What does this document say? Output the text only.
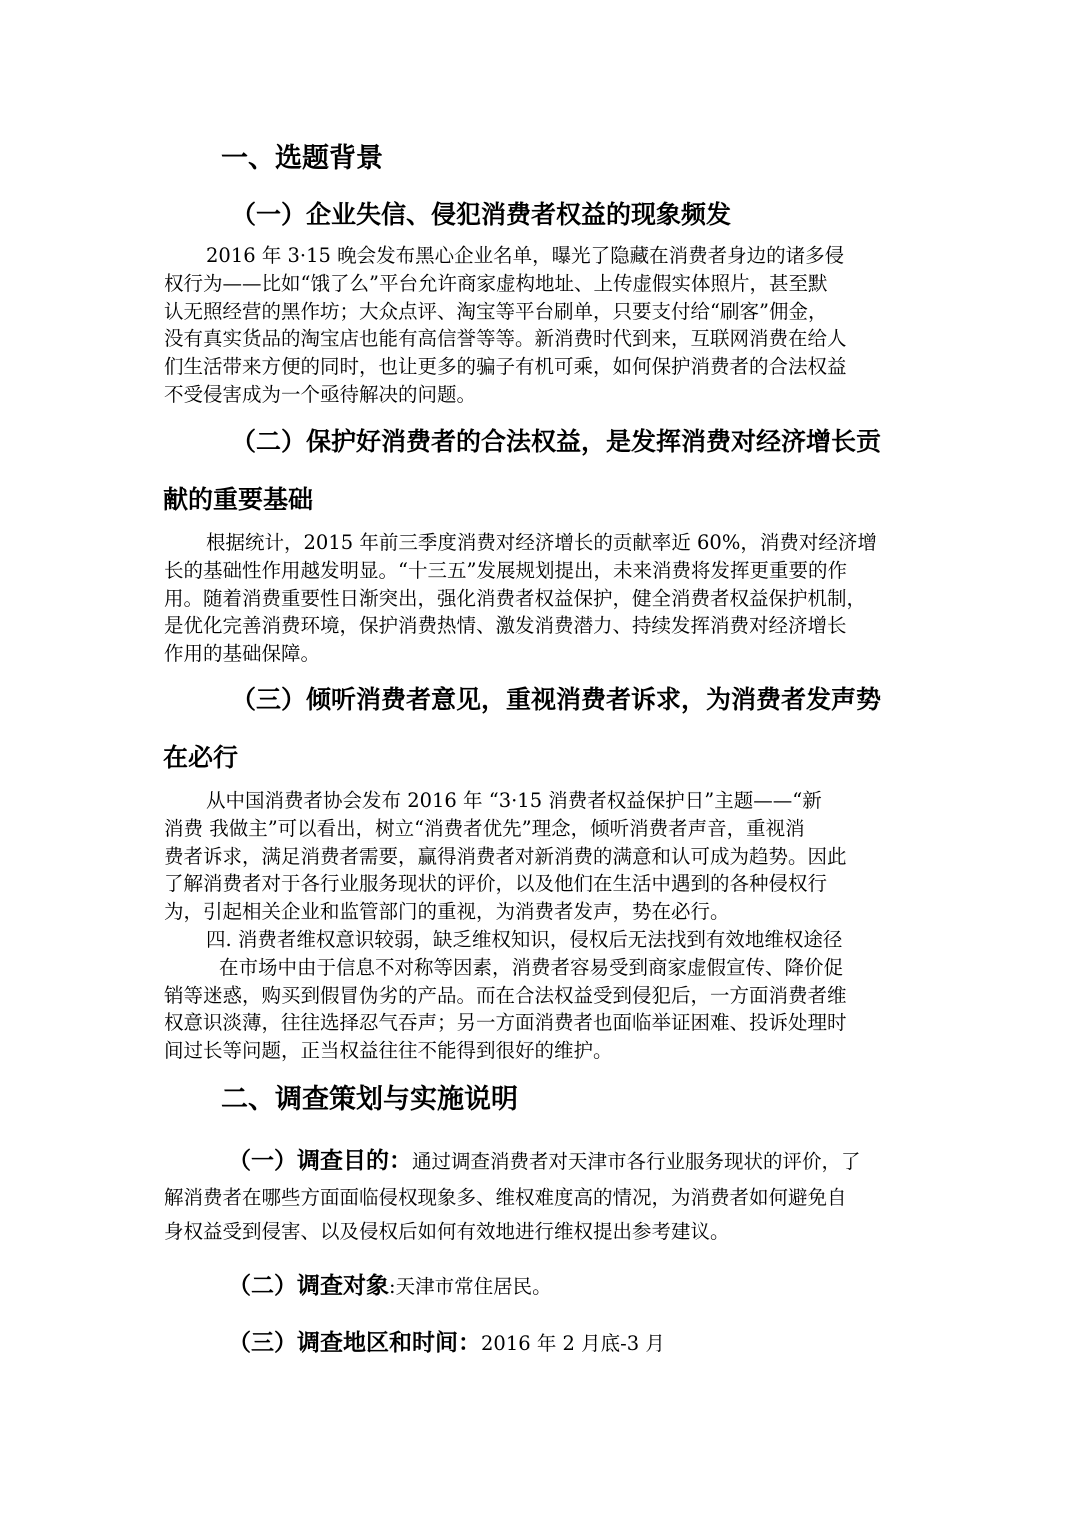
一、选题背景
（一）企业失信、侵犯消费者权益的现象频发
2016 年 3·15 晚会发布黑心企业名单，曝光了隐藏在消费者身边的诸多侵
权行为——比如“饿了么”平台允许商家虚构地址、上传虚假实体照片，甚至默
认无照经营的黑作坊；大众点评、淘宝等平台刷单，只要支付给“刷客”佣金，
没有真实货品的淘宝店也能有高信誉等等。新消费时代到来，互联网消费在给人
们生活带来方便的同时，也让更多的骗子有机可乘，如何保护消费者的合法权益
不受侵害成为一个亟待解决的问题。
（二）保护好消费者的合法权益，是发挥消费对经济增长贡
献的重要基础
根据统计，2015 年前三季度消费对经济增长的贡献率近 60%，消费对经济增
长的基础性作用越发明显。“十三五”发展规划提出，未来消费将发挥更重要的作
用。随着消费重要性日渐突出，强化消费者权益保护，健全消费者权益保护机制，
是优化完善消费环境，保护消费热情、激发消费潜力、持续发挥消费对经济增长
作用的基础保障。
（三）倾听消费者意见，重视消费者诉求，为消费者发声势
在必行
从中国消费者协会发布 2016 年 “3·15 消费者权益保护日”主题——“新
消费 我做主”可以看出，树立“消费者优先”理念，倾听消费者声音，重视消
费者诉求，满足消费者需要，赢得消费者对新消费的满意和认可成为趋势。因此
了解消费者对于各行业服务现状的评价，以及他们在生活中遇到的各种侵权行
为，引起相关企业和监管部门的重视，为消费者发声，势在必行。
四. 消费者维权意识较弱，缺乏维权知识，侵权后无法找到有效地维权途径
在市场中由于信息不对称等因素，消费者容易受到商家虚假宣传、降价促
销等迷惑，购买到假冒伪劣的产品。而在合法权益受到侵犯后，一方面消费者维
权意识淡薄，往往选择忍气吞声；另一方面消费者也面临举证困难、投诉处理时
间过长等问题，正当权益往往不能得到很好的维护。
二、调查策划与实施说明
（一）调查目的：通过调查消费者对天津市各行业服务现状的评价，了
解消费者在哪些方面面临侵权现象多、维权难度高的情况，为消费者如何避免自
身权益受到侵害、以及侵权后如何有效地进行维权提出参考建议。
（二）调查对象:天津市常住居民。
（三）调查地区和时间：2016 年 2 月底-3 月
